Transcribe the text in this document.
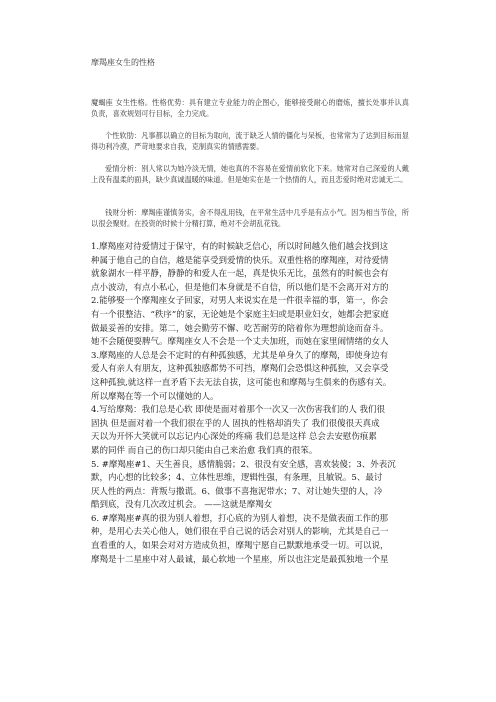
摩羯座女生的性格
魔蝎座 女生性格。性格优势：具有建立专业能力的企图心，能够接受耐心的磨炼，擅长处事并认真负责，喜欢规划可行目标，全力完成。
个性软肋：凡事都以确立的目标为取向，流于缺乏人情的僵化与呆板，也常常为了达到目标而显得功利冷漠，严苛地要求自我，克制真实的情感需要。
爱情分析：别人常以为她冷淡无情，她也真的不容易在爱情前软化下来。她常对自己深爱的人戴上没有温柔的面具，缺少真诚温暖的味道。但是她实在是一个热情的人，而且恋爱时绝对忠诚无二。
钱财分析：摩羯座谨慎务实，舍不得乱用钱，在平常生活中几乎是有点小气。因为相当节俭，所以很会聚财。在投资的时候十分精打算，绝对不会胡乱花钱。
1.摩羯座对待爱情过于保守，有的时候缺乏信心，所以时间越久他们越会找到这
种属于他自己的自信，越是能享受到爱情的快乐。双重性格的摩羯座，对待爱情
就象湖水一样平静，静静的和爱人在一起，真是快乐无比，虽然有的时候也会有
点小波动，有点小私心，但是他们本身就是不自信，所以他们是不会离开对方的
2.能够娶一个摩羯座女子回家，对男人来说实在是一件很幸福的事，第一，你会
有一个很整洁、“秩序”的家，无论她是个家庭主妇或是职业妇女，她都会把家庭
做最妥善的安排。第二，她会勤劳不懈、吃苦耐劳的陪着你为理想前途而奋斗。
她不会随便耍脾气。摩羯座女人不会是一个丈夫加班，而她在家里闹情绪的女人
3.摩羯座的人总是会不定时的有种孤独感，尤其是单身久了的摩羯，即使身边有
爱人有亲人有朋友，这种孤独感都势不可挡，摩羯们会恐惧这种孤独，又会享受
这种孤独,就这样一直矛盾下去无法自拔，这可能也和摩羯与生俱来的伤感有关。
所以摩羯在等一个可以懂她的人。
4.写给摩羯：我们总是心软 即使是面对着那个一次又一次伤害我们的人 我们很
固执 但是面对着一个我们很在乎的人 固执的性格却消失了 我们很傻很天真成
天以为开怀大笑就可以忘记内心深处的疼痛 我们总是这样 总会去安慰伤痕累
累的同伴 而自己的伤口却只能由自己来治愈 我们真的很笨。
5. #摩羯座#1、天生善良，感情脆弱；2、很没有安全感，喜欢装傻；3、外表沉
默，内心想的比较多；4、立体性思维，逻辑性强，有条理，且敏锐。5、最讨
厌人性的两点：背叛与撒谎。6、做事不喜拖泥带水；7、对让她失望的人，冷
酷到底，没有几次改过机会。 ——这就是摩羯女
6. #摩羯座#真的很为别人着想，打心底的为别人着想，决不是做表面工作的那
种，是用心去关心他人，她们很在乎自己说的话会对别人的影响，尤其是自己一
直看重的人，如果会对对方造成负担，摩羯宁愿自己默默地承受一切。可以说，
摩羯是十二星座中对人最诚，最心软地一个星座，所以也注定是最孤独地一个星
